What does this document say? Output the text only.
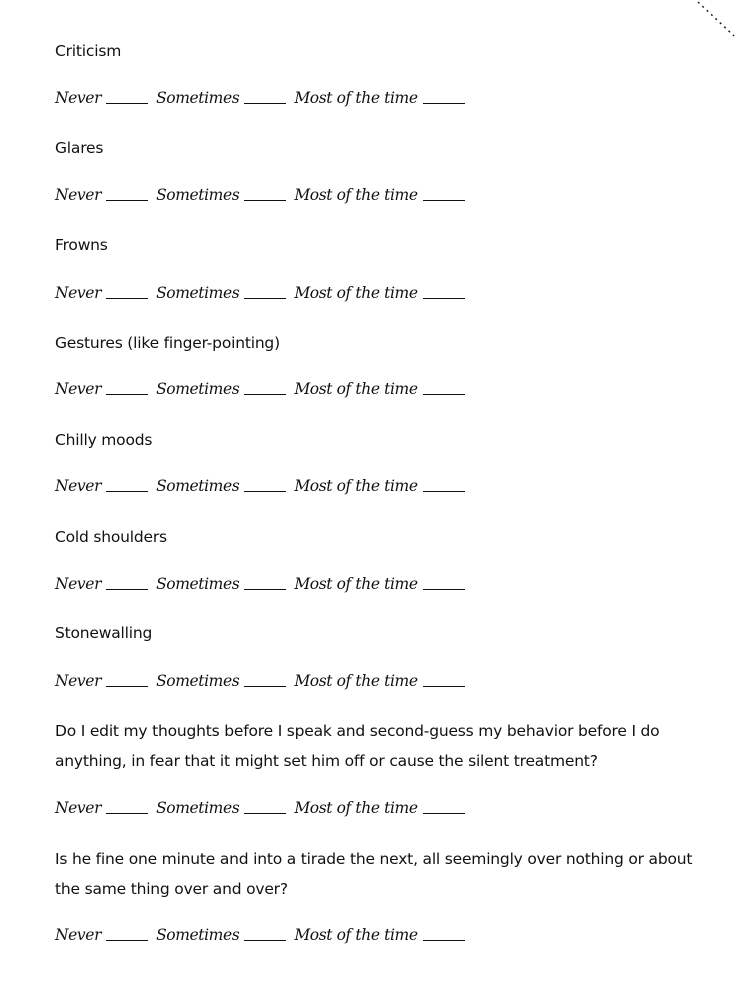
Criticism
Never	Sometimes	Most of the time
Glares
Never	Sometimes	Most of the time
Frowns
Never	Sometimes	Most of the time
Gestures (like finger-pointing)
Never	Sometimes	Most of the time
Chilly moods
Never	Sometimes	Most of the time
Cold shoulders
Never	Sometimes	Most of the time
Stonewalling
Never	Sometimes	Most of the time
Do I edit my thoughts before I speak and second-guess my behavior before I do anything, in fear that it might set him off or cause the silent treatment?
Never	Sometimes	Most of the time
Is he fine one minute and into a tirade the next, all seemingly over nothing or about the same thing over and over?
Never	Sometimes	Most of the time
